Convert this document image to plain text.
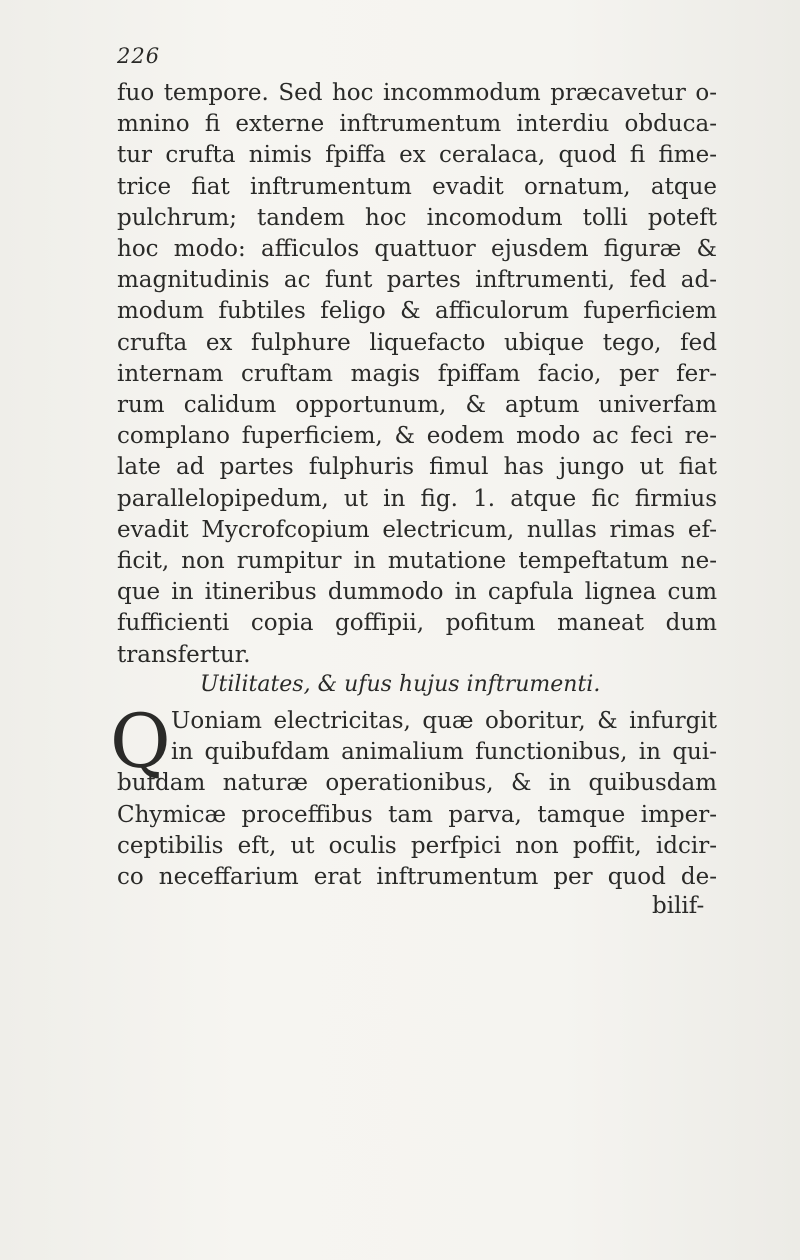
226
fuo tempore. Sed hoc incommodum præcavetur o-
mnino fi externe inftrumentum interdiu obduca-
tur crufta nimis fpiffa ex ceralaca, quod fi fime-
trice fiat inftrumentum evadit ornatum, atque
pulchrum; tandem hoc incomodum tolli poteft
hoc modo: afficulos quattuor ejusdem figuræ &
magnitudinis ac funt partes inftrumenti, fed ad-
modum fubtiles feligo & afficulorum fuperficiem
crufta ex fulphure liquefacto ubique tego, fed
internam cruftam magis fpiffam facio, per fer-
rum calidum opportunum, & aptum univerfam
complano fuperficiem, & eodem modo ac feci re-
late ad partes fulphuris fimul has jungo ut fiat
parallelopipedum, ut in fig. 1. atque fic firmius
evadit Mycrofcopium electricum, nullas rimas ef-
ficit, non rumpitur in mutatione tempeftatum ne-
que in itineribus dummodo in capfula lignea cum
fufficienti copia goffipii, pofitum maneat dum
transfertur.
Utilitates, & ufus hujus inftrumenti.
Q Uoniam electricitas, quæ oboritur, & infurgit
in quibufdam animalium functionibus, in qui-
bufdam naturæ operationibus, & in quibusdam
Chymicæ proceffibus tam parva, tamque imper-
ceptibilis eft, ut oculis perfpici non poffit, idcir-
co neceffarium erat inftrumentum per quod de-
bilif-
